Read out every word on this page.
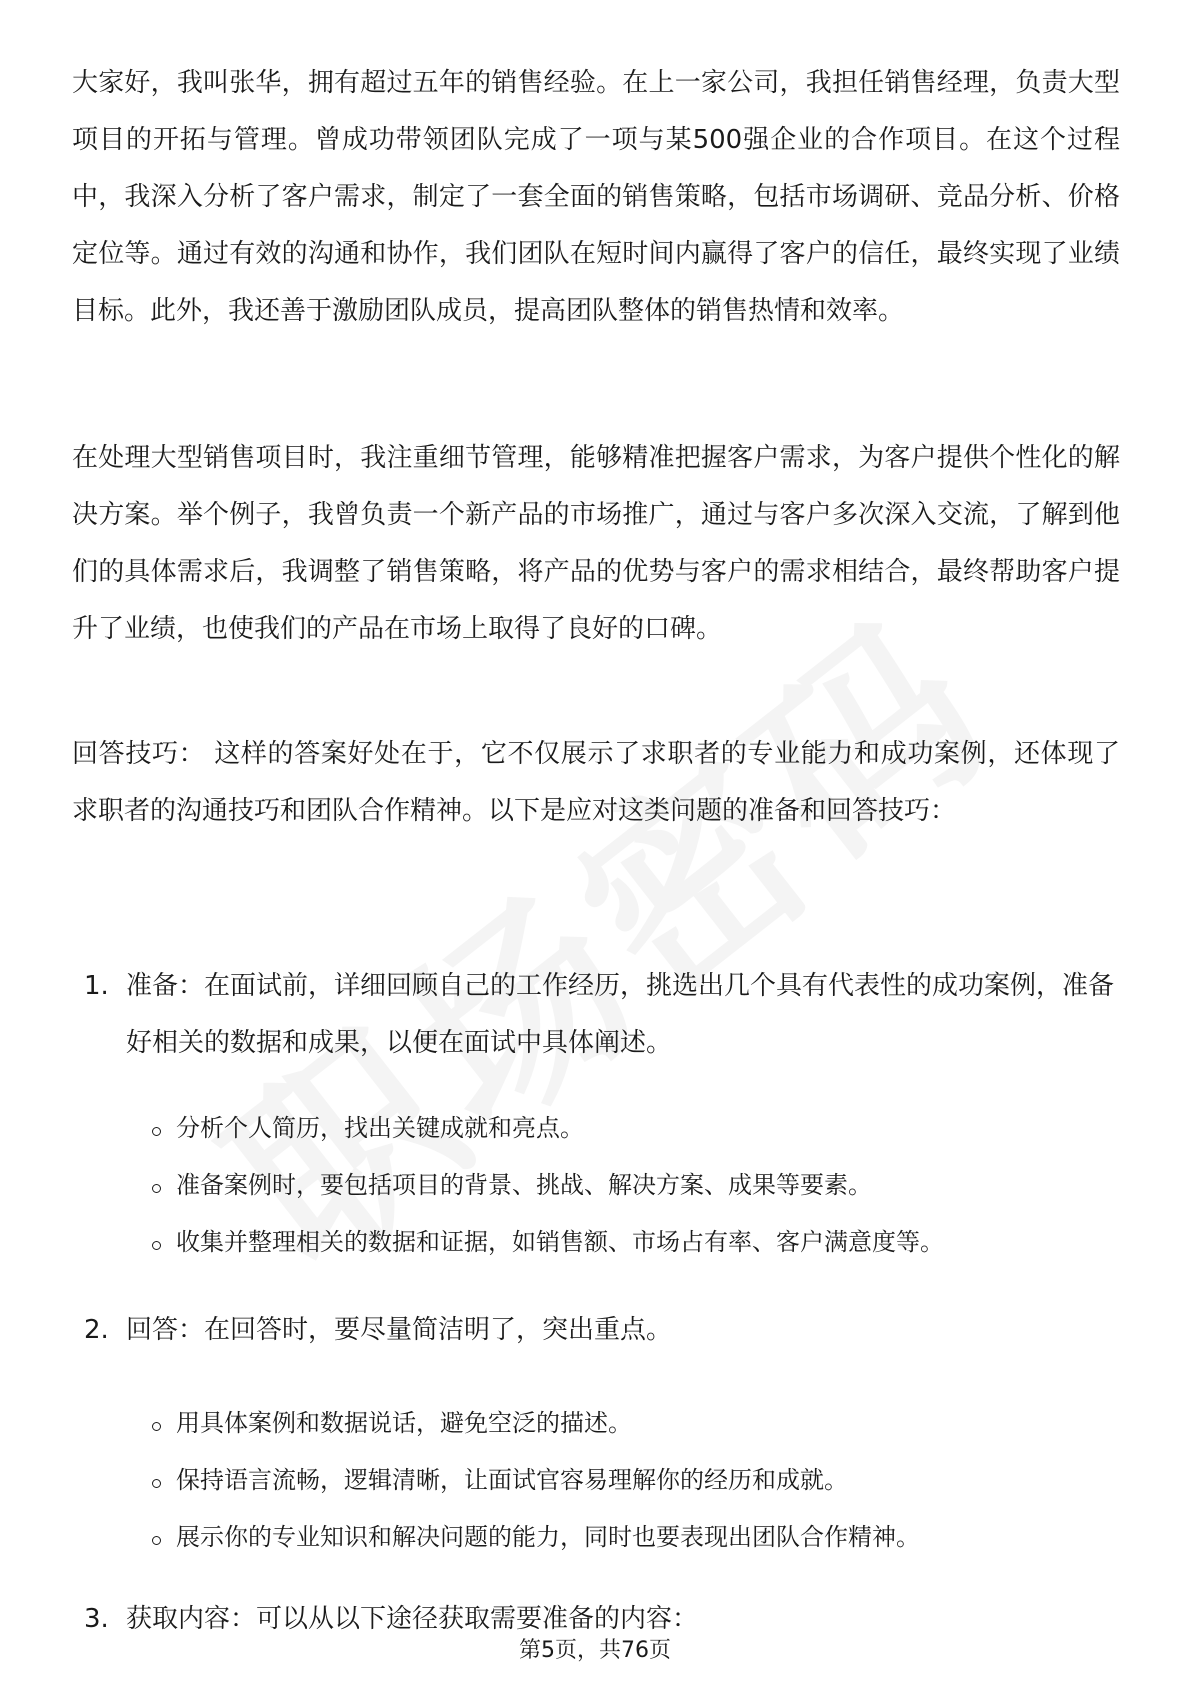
大家好，我叫张华，拥有超过五年的销售经验。在上一家公司，我担任销售经理，负责大型项目的开拓与管理。曾成功带领团队完成了一项与某500强企业的合作项目。在这个过程中，我深入分析了客户需求，制定了一套全面的销售策略，包括市场调研、竞品分析、价格定位等。通过有效的沟通和协作，我们团队在短时间内赢得了客户的信任，最终实现了业绩目标。此外，我还善于激励团队成员，提高团队整体的销售热情和效率。

在处理大型销售项目时，我注重细节管理，能够精准把握客户需求，为客户提供个性化的解决方案。举个例子，我曾负责一个新产品的市场推广，通过与客户多次深入交流，了解到他们的具体需求后，我调整了销售策略，将产品的优势与客户的需求相结合，最终帮助客户提升了业绩，也使我们的产品在市场上取得了良好的口碑。

回答技巧： 这样的答案好处在于，它不仅展示了求职者的专业能力和成功案例，还体现了求职者的沟通技巧和团队合作精神。以下是应对这类问题的准备和回答技巧：

1. 准备：在面试前，详细回顾自己的工作经历，挑选出几个具有代表性的成功案例，准备好相关的数据和成果，以便在面试中具体阐述。
分析个人简历，找出关键成就和亮点。
准备案例时，要包括项目的背景、挑战、解决方案、成果等要素。
收集并整理相关的数据和证据，如销售额、市场占有率、客户满意度等。
2. 回答：在回答时，要尽量简洁明了，突出重点。
用具体案例和数据说话，避免空泛的描述。
保持语言流畅，逻辑清晰，让面试官容易理解你的经历和成就。
展示你的专业知识和解决问题的能力，同时也要表现出团队合作精神。
3. 获取内容：可以从以下途径获取需要准备的内容：
第5页，共76页
